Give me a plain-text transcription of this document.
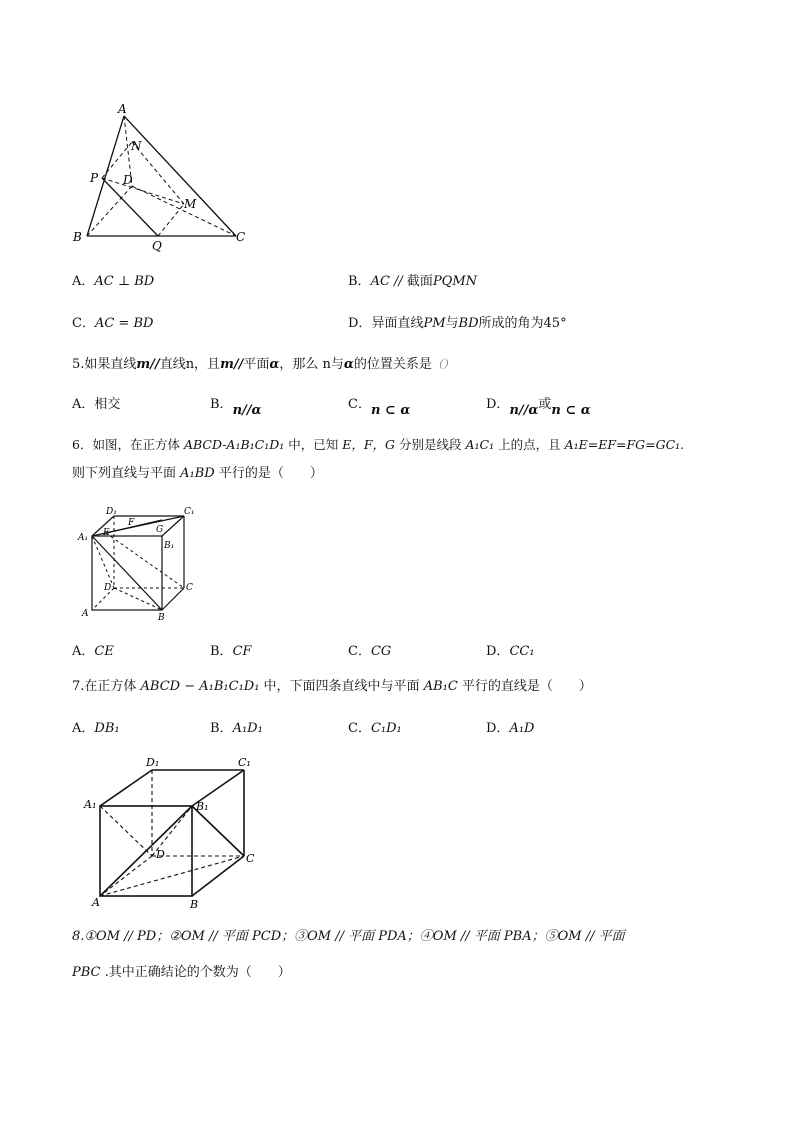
A
N
P D
M
B
Q
C
A．AC ⊥ BD	B．AC // 截面PQMN
C．AC = BD	D．异面直线PM与BD所成的角为45°
5.如果直线m//直线n，且m//平面α，那么 n与α的位置关系是（）
A．相交	B．n//α	C．n ⊂ α	D．n//α或n ⊂ α
6．如图，在正方体 ABCD-A₁B₁C₁D₁ 中，已知 E，F，G 分别是线段 A₁C₁ 上的点，且 A₁E=EF=FG=GC₁.
则下列直线与平面 A₁BD 平行的是（　　）
D₁	C₁
F
G
A₁ E
B₁
D	C
A	B
A．CE	B．CF	C．CG	D．CC₁
7.在正方体 ABCD − A₁B₁C₁D₁ 中，下面四条直线中与平面 AB₁C 平行的直线是（　　）
A．DB₁	B．A₁D₁	C．C₁D₁	D．A₁D
D₁	C₁
A₁	B₁
D	C
A	B
8.①OM // PD；②OM // 平面 PCD；③OM // 平面 PDA；④OM // 平面 PBA；⑤OM // 平面
PBC .其中正确结论的个数为（　　）
